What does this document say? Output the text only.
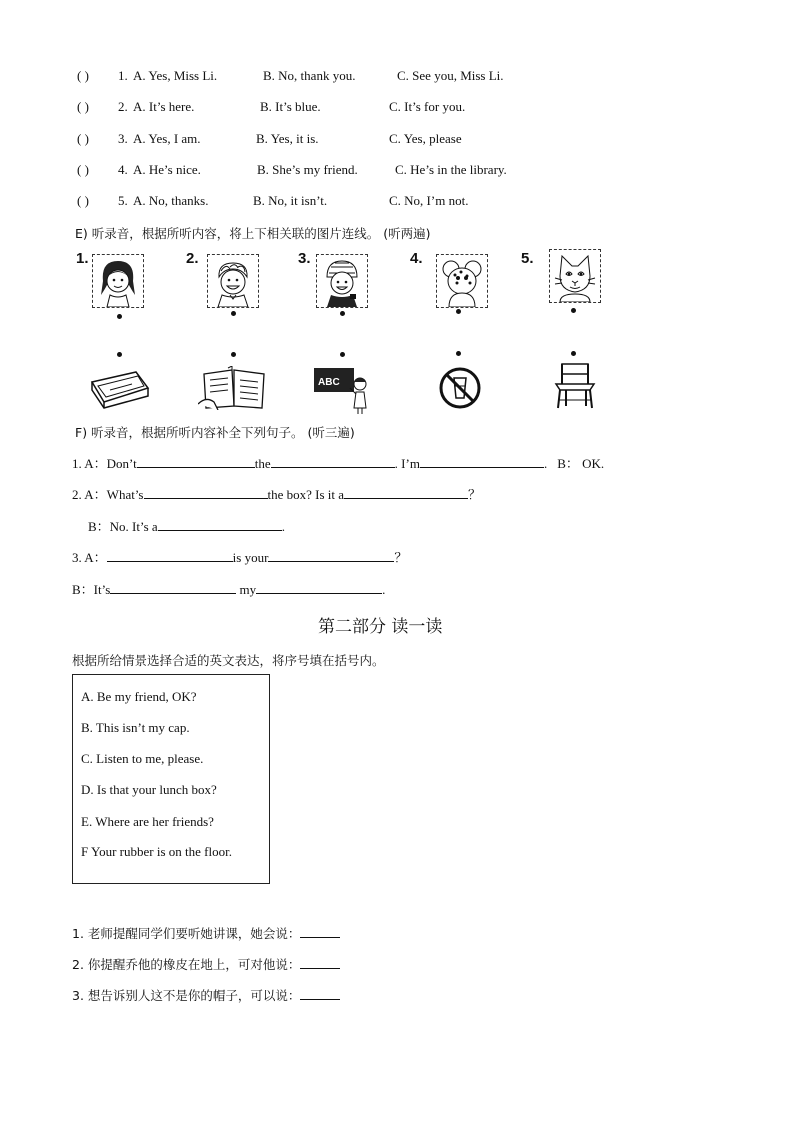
( ) 1. A. Yes, Miss Li.	B. No, thank you.	C. See you, Miss Li.
( ) 2. A. It’s here.	B. It’s blue.	C. It’s for you.
( ) 3. A. Yes, I am.	B. Yes, it is.	C. Yes, please
( ) 4. A. He’s nice.	B. She’s my friend.	C. He’s in the library.
( ) 5. A. No, thanks.	B. No, it isn’t.	C. No, I’m not.
E) 听录音，根据所听内容，将上下相关联的图片连线。 (听两遍)
1.	2.	3.	4.	5.
ABC
F) 听录音，根据所听内容补全下列句子。 (听三遍)
1. A：Don’t	the	. I’m	. B： OK.
2. A：What’s	the box? Is it a	？
B：No. It’s a	.
3. A：	is your	？
B：It’s	my	.
第二部分 读一读
根据所给情景选择合适的英文表达，将序号填在括号内。
A. Be my friend, OK?
B. This isn’t my cap.
C. Listen to me, please.
D. Is that your lunch box?
E. Where are her friends?
F Your rubber is on the floor.
1. 老师提醒同学们要听她讲课，她会说：
2. 你提醒乔他的橡皮在地上，可对他说：
3. 想告诉别人这不是你的帽子，可以说：
